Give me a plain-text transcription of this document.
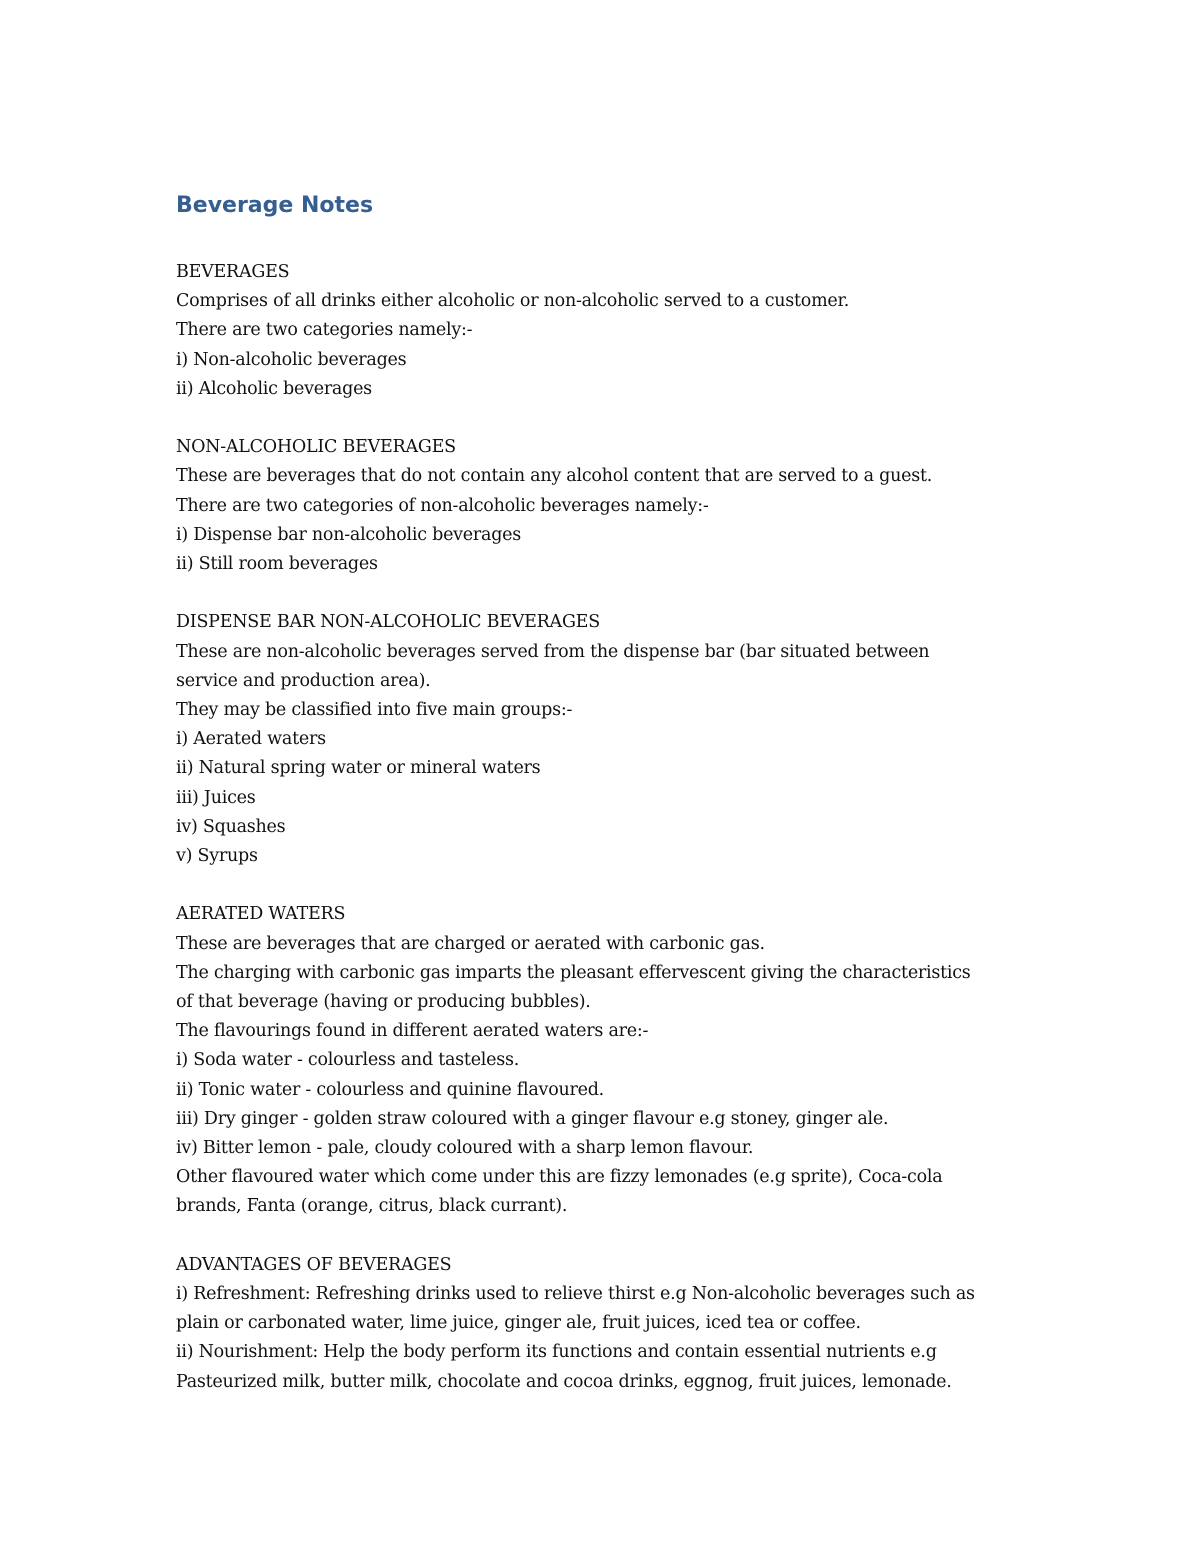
Beverage Notes
BEVERAGES
Comprises of all drinks either alcoholic or non-alcoholic served to a customer.
There are two categories namely:-
i) Non-alcoholic beverages
ii) Alcoholic beverages
NON-ALCOHOLIC BEVERAGES
These are beverages that do not contain any alcohol content that are served to a guest.
There are two categories of non-alcoholic beverages namely:-
i) Dispense bar non-alcoholic beverages
ii) Still room beverages
DISPENSE BAR NON-ALCOHOLIC BEVERAGES
These are non-alcoholic beverages served from the dispense bar (bar situated between
service and production area).
They may be classified into five main groups:-
i) Aerated waters
ii) Natural spring water or mineral waters
iii) Juices
iv) Squashes
v) Syrups
AERATED WATERS
These are beverages that are charged or aerated with carbonic gas.
The charging with carbonic gas imparts the pleasant effervescent giving the characteristics
of that beverage (having or producing bubbles).
The flavourings found in different aerated waters are:-
i) Soda water - colourless and tasteless.
ii) Tonic water - colourless and quinine flavoured.
iii) Dry ginger - golden straw coloured with a ginger flavour e.g stoney, ginger ale.
iv) Bitter lemon - pale, cloudy coloured with a sharp lemon flavour.
Other flavoured water which come under this are fizzy lemonades (e.g sprite), Coca-cola
brands, Fanta (orange, citrus, black currant).
ADVANTAGES OF BEVERAGES
i) Refreshment: Refreshing drinks used to relieve thirst e.g Non-alcoholic beverages such as
plain or carbonated water, lime juice, ginger ale, fruit juices, iced tea or coffee.
ii) Nourishment: Help the body perform its functions and contain essential nutrients e.g
Pasteurized milk, butter milk, chocolate and cocoa drinks, eggnog, fruit juices, lemonade.
